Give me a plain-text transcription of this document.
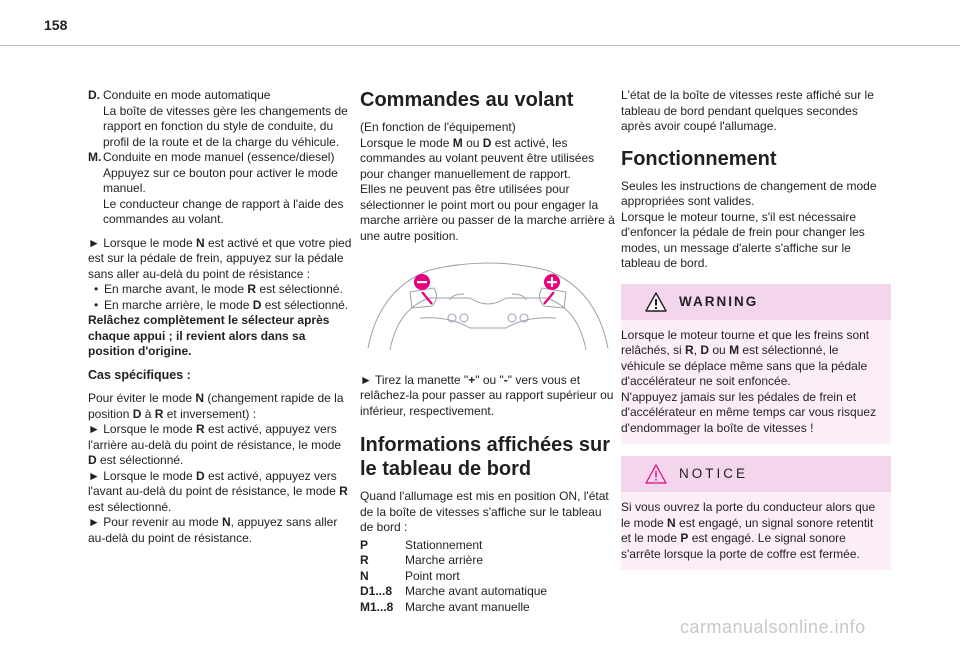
158
D. Conduite en mode automatique
La boîte de vitesses gère les changements de rapport en fonction du style de conduite, du profil de la route et de la charge du véhicule.
M. Conduite en mode manuel (essence/diesel)
Appuyez sur ce bouton pour activer le mode manuel.
Le conducteur change de rapport à l'aide des commandes au volant.

► Lorsque le mode N est activé et que votre pied est sur la pédale de frein, appuyez sur la pédale sans aller au-delà du point de résistance :

• En marche avant, le mode R est sélectionné.
• En marche arrière, le mode D est sélectionné.

Relâchez complètement le sélecteur après chaque appui ; il revient alors dans sa position d'origine.

Cas spécifiques :

Pour éviter le mode N (changement rapide de la position D à R et inversement) :

► Lorsque le mode R est activé, appuyez vers l'arrière au-delà du point de résistance, le mode D est sélectionné.

► Lorsque le mode D est activé, appuyez vers l'avant au-delà du point de résistance, le mode R est sélectionné.

► Pour revenir au mode N, appuyez sans aller au-delà du point de résistance.

Commandes au volant

(En fonction de l'équipement)

Lorsque le mode M ou D est activé, les commandes au volant peuvent être utilisées pour changer manuellement de rapport.

Elles ne peuvent pas être utilisées pour sélectionner le point mort ou pour engager la marche arrière ou passer de la marche arrière à une autre position.

► Tirez la manette "+" ou "-" vers vous et relâchez-la pour passer au rapport supérieur ou inférieur, respectivement.

Informations affichées sur le tableau de bord

Quand l'allumage est mis en position ON, l'état de la boîte de vitesses s'affiche sur le tableau de bord :

P	Stationnement
R	Marche arrière
N	Point mort
D1...8	Marche avant automatique
M1...8 Marche avant manuelle

L'état de la boîte de vitesses reste affiché sur le tableau de bord pendant quelques secondes après avoir coupé l'allumage.

Fonctionnement

Seules les instructions de changement de mode appropriées sont valides.

Lorsque le moteur tourne, s'il est nécessaire d'enfoncer la pédale de frein pour changer les modes, un message d'alerte s'affiche sur le tableau de bord.

WARNING

Lorsque le moteur tourne et que les freins sont relâchés, si R, D ou M est sélectionné, le véhicule se déplace même sans que la pédale d'accélérateur ne soit enfoncée.

N'appuyez jamais sur les pédales de frein et d'accélérateur en même temps car vous risquez d'endommager la boîte de vitesses !

NOTICE

Si vous ouvrez la porte du conducteur alors que le mode N est engagé, un signal sonore retentit et le mode P est engagé. Le signal sonore s'arrête lorsque la porte de coffre est fermée.

carmanualsonline.info
